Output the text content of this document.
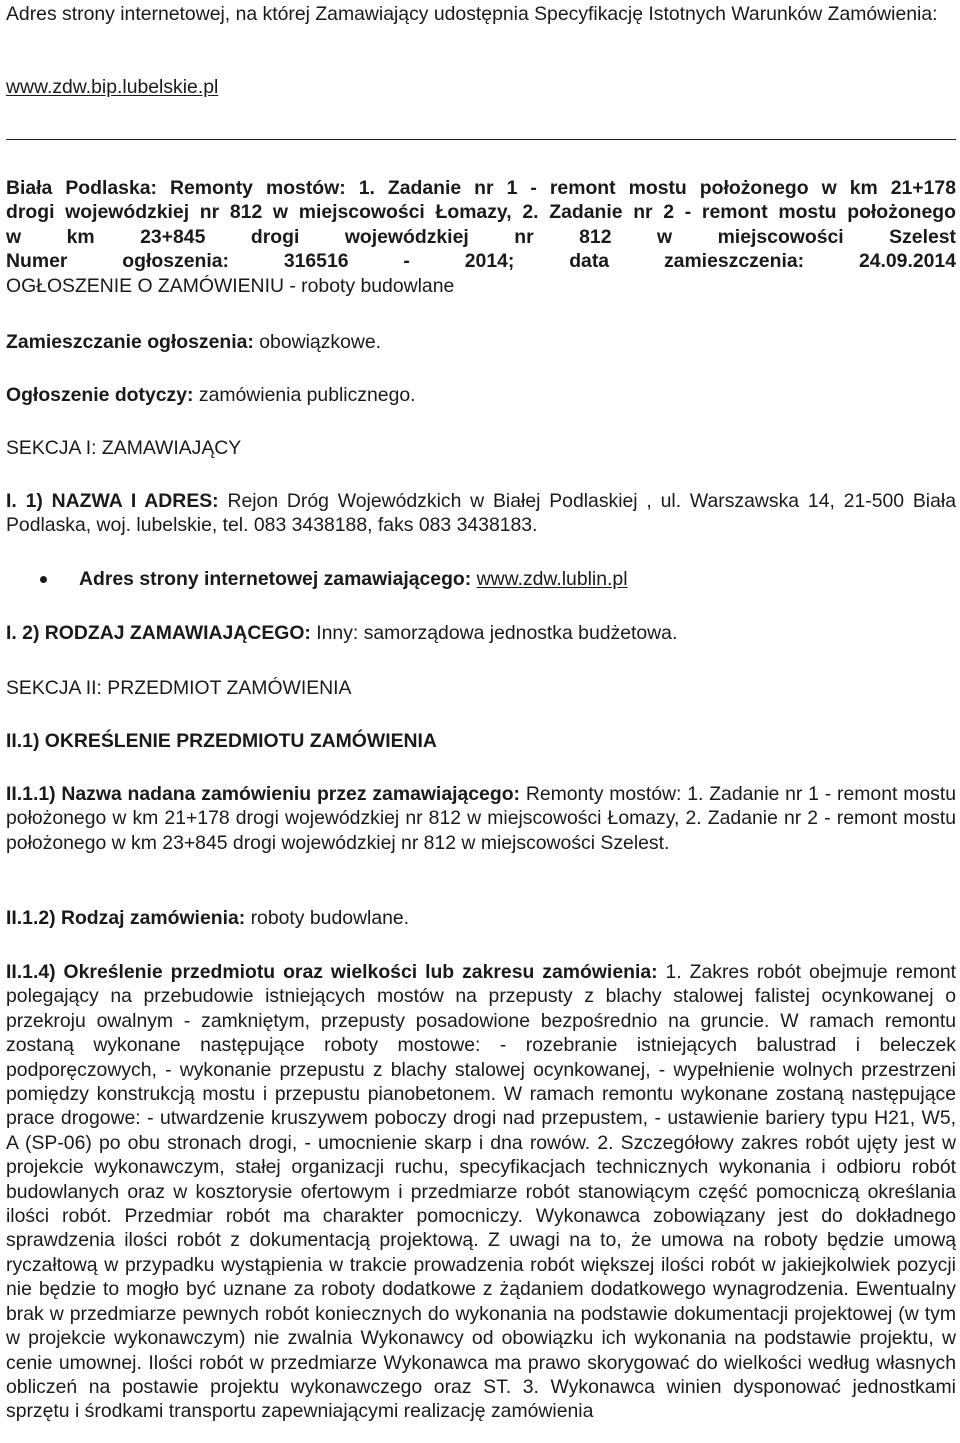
Adres strony internetowej, na której Zamawiający udostępnia Specyfikację Istotnych Warunków Zamówienia:

www.zdw.bip.lubelskie.pl

Biała Podlaska: Remonty mostów: 1. Zadanie nr 1 - remont mostu położonego w km 21+178

drogi wojewódzkiej nr 812 w miejscowości Łomazy, 2. Zadanie nr 2 - remont mostu położonego

w km 23+845 drogi wojewódzkiej nr 812 w miejscowości Szelest

Numer ogłoszenia: 316516 - 2014; data zamieszczenia: 24.09.2014

OGŁOSZENIE O ZAMÓWIENIU - roboty budowlane

Zamieszczanie ogłoszenia: obowiązkowe.

Ogłoszenie dotyczy: zamówienia publicznego.

SEKCJA I: ZAMAWIAJĄCY

I. 1) NAZWA I ADRES: Rejon Dróg Wojewódzkich w Białej Podlaskiej , ul. Warszawska 14, 21-500 Biała Podlaska, woj. lubelskie, tel. 083 3438188, faks 083 3438183.

Adres strony internetowej zamawiającego: www.zdw.lublin.pl

I. 2) RODZAJ ZAMAWIAJĄCEGO: Inny: samorządowa jednostka budżetowa.

SEKCJA II: PRZEDMIOT ZAMÓWIENIA

II.1) OKREŚLENIE PRZEDMIOTU ZAMÓWIENIA

II.1.1) Nazwa nadana zamówieniu przez zamawiającego: Remonty mostów: 1. Zadanie nr 1 - remont mostu położonego w km 21+178 drogi wojewódzkiej nr 812 w miejscowości Łomazy, 2. Zadanie nr 2 - remont mostu położonego w km 23+845 drogi wojewódzkiej nr 812 w miejscowości Szelest.

II.1.2) Rodzaj zamówienia: roboty budowlane.

II.1.4) Określenie przedmiotu oraz wielkości lub zakresu zamówienia: 1. Zakres robót obejmuje remont polegający na przebudowie istniejących mostów na przepusty z blachy stalowej falistej ocynkowanej o przekroju owalnym - zamkniętym, przepusty posadowione bezpośrednio na gruncie. W ramach remontu zostaną wykonane następujące roboty mostowe: - rozebranie istniejących balustrad i beleczek podporęczowych, - wykonanie przepustu z blachy stalowej ocynkowanej, - wypełnienie wolnych przestrzeni pomiędzy konstrukcją mostu i przepustu pianobetonem. W ramach remontu wykonane zostaną następujące prace drogowe: - utwardzenie kruszywem poboczy drogi nad przepustem, - ustawienie bariery typu H21, W5, A (SP-06) po obu stronach drogi, - umocnienie skarp i dna rowów. 2. Szczegółowy zakres robót ujęty jest w projekcie wykonawczym, stałej organizacji ruchu, specyfikacjach technicznych wykonania i odbioru robót budowlanych oraz w kosztorysie ofertowym i przedmiarze robót stanowiącym część pomocniczą określania ilości robót. Przedmiar robót ma charakter pomocniczy. Wykonawca zobowiązany jest do dokładnego sprawdzenia ilości robót z dokumentacją projektową. Z uwagi na to, że umowa na roboty będzie umową ryczałtową w przypadku wystąpienia w trakcie prowadzenia robót większej ilości robót w jakiejkolwiek pozycji nie będzie to mogło być uznane za roboty dodatkowe z żądaniem dodatkowego wynagrodzenia. Ewentualny brak w przedmiarze pewnych robót koniecznych do wykonania na podstawie dokumentacji projektowej (w tym w projekcie wykonawczym) nie zwalnia Wykonawcy od obowiązku ich wykonania na podstawie projektu, w cenie umownej. Ilości robót w przedmiarze Wykonawca ma prawo skorygować do wielkości według własnych obliczeń na postawie projektu wykonawczego oraz ST. 3. Wykonawca winien dysponować jednostkami sprzętu i środkami transportu zapewniającymi realizację zamówienia
